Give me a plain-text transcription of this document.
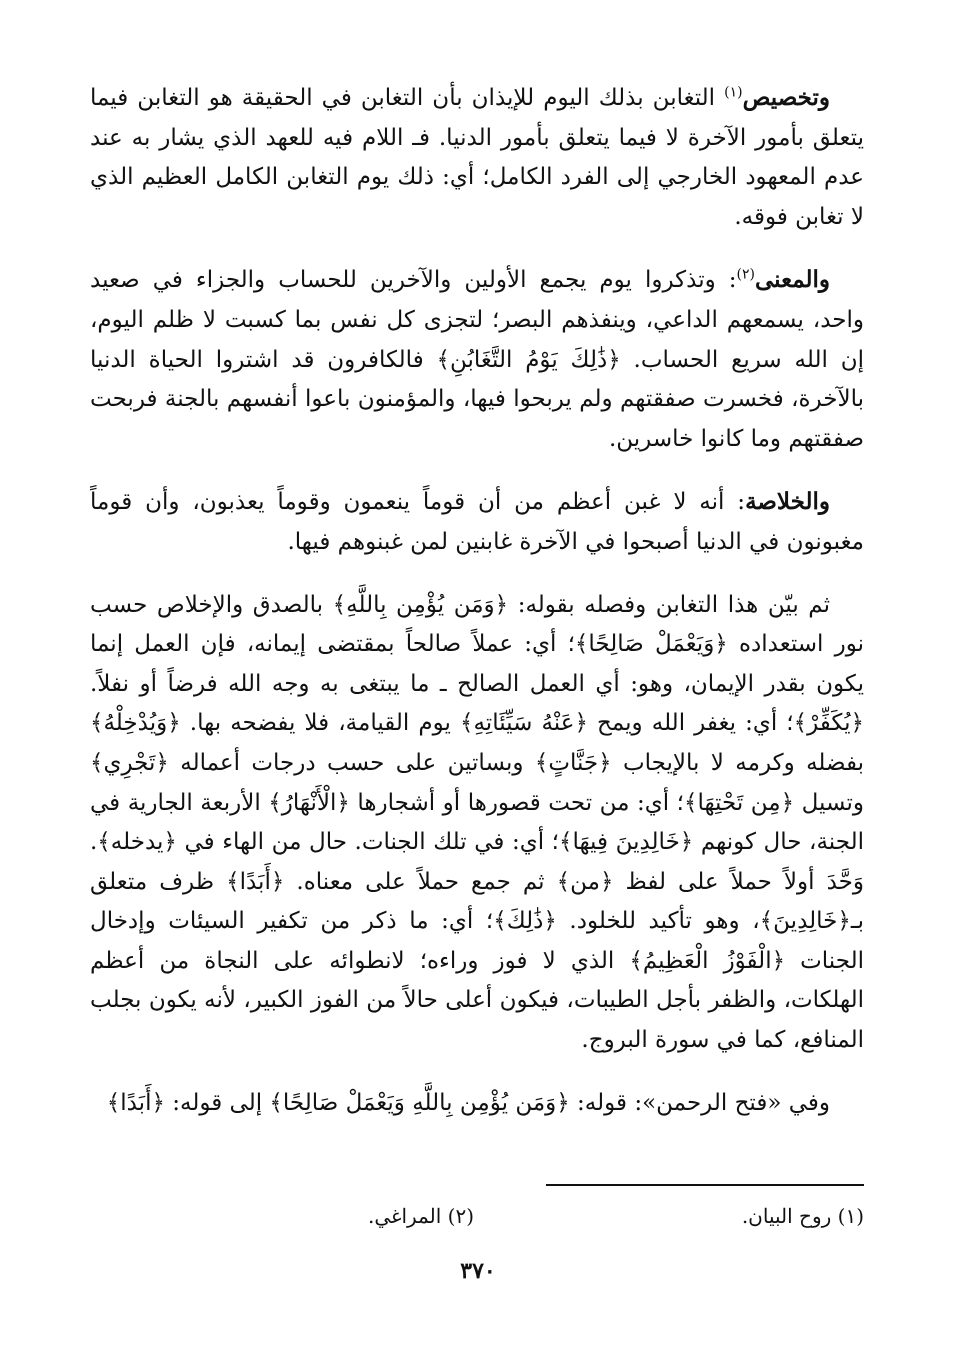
وتخصيص$^{(١)}$ التغابن بذلك اليوم للإيذان بأن التغابن في الحقيقة هو التغابن فيما يتعلق بأمور الآخرة لا فيما يتعلق بأمور الدنيا. فـ اللام فيه للعهد الذي يشار به عند عدم المعهود الخارجي إلى الفرد الكامل؛ أي: ذلك يوم التغابن الكامل العظيم الذي لا تغابن فوقه.

والمعنى$^{(٢)}$: وتذكروا يوم يجمع الأولين والآخرين للحساب والجزاء في صعيد واحد، يسمعهم الداعي، وينفذهم البصر؛ لتجزى كل نفس بما كسبت لا ظلم اليوم، إن الله سريع الحساب. ﴿ذَٰلِكَ يَوْمُ التَّغَابُنِ﴾ فالكافرون قد اشتروا الحياة الدنيا بالآخرة، فخسرت صفقتهم ولم يربحوا فيها، والمؤمنون باعوا أنفسهم بالجنة فربحت صفقتهم وما كانوا خاسرين.

والخلاصة: أنه لا غبن أعظم من أن قوماً ينعمون وقوماً يعذبون، وأن قوماً مغبونون في الدنيا أصبحوا في الآخرة غابنين لمن غبنوهم فيها.

ثم بيّن هذا التغابن وفصله بقوله: ﴿وَمَن يُؤْمِن بِاللَّهِ﴾ بالصدق والإخلاص حسب نور استعداده ﴿وَيَعْمَلْ صَالِحًا﴾؛ أي: عملاً صالحاً بمقتضى إيمانه، فإن العمل إنما يكون بقدر الإيمان، وهو: أي العمل الصالح ـ ما يبتغى به وجه الله فرضاً أو نفلاً. ﴿يُكَفِّرْ﴾؛ أي: يغفر الله ويمح ﴿عَنْهُ سَيِّئَاتِهِ﴾ يوم القيامة، فلا يفضحه بها. ﴿وَيُدْخِلْهُ﴾ بفضله وكرمه لا بالإيجاب ﴿جَنَّاتٍ﴾ وبساتين على حسب درجات أعماله ﴿تَجْرِي﴾ وتسيل ﴿مِن تَحْتِهَا﴾؛ أي: من تحت قصورها أو أشجارها ﴿الْأَنْهَارُ﴾ الأربعة الجارية في الجنة، حال كونهم ﴿خَالِدِينَ فِيهَا﴾؛ أي: في تلك الجنات. حال من الهاء في ﴿يدخله﴾. وَحَّدَ أولاً حملاً على لفظ ﴿من﴾ ثم جمع حملاً على معناه. ﴿أَبَدًا﴾ ظرف متعلق بـ﴿خَالِدِينَ﴾، وهو تأكيد للخلود. ﴿ذَٰلِكَ﴾؛ أي: ما ذكر من تكفير السيئات وإدخال الجنات ﴿الْفَوْزُ الْعَظِيمُ﴾ الذي لا فوز وراءه؛ لانطوائه على النجاة من أعظم الهلكات، والظفر بأجل الطيبات، فيكون أعلى حالاً من الفوز الكبير، لأنه يكون بجلب المنافع، كما في سورة البروج.

وفي «فتح الرحمن»: قوله: ﴿وَمَن يُؤْمِن بِاللَّهِ وَيَعْمَلْ صَالِحًا﴾ إلى قوله: ﴿أَبَدًا﴾

(١) روح البيان.
(٢) المراغي.
٣٧٠
